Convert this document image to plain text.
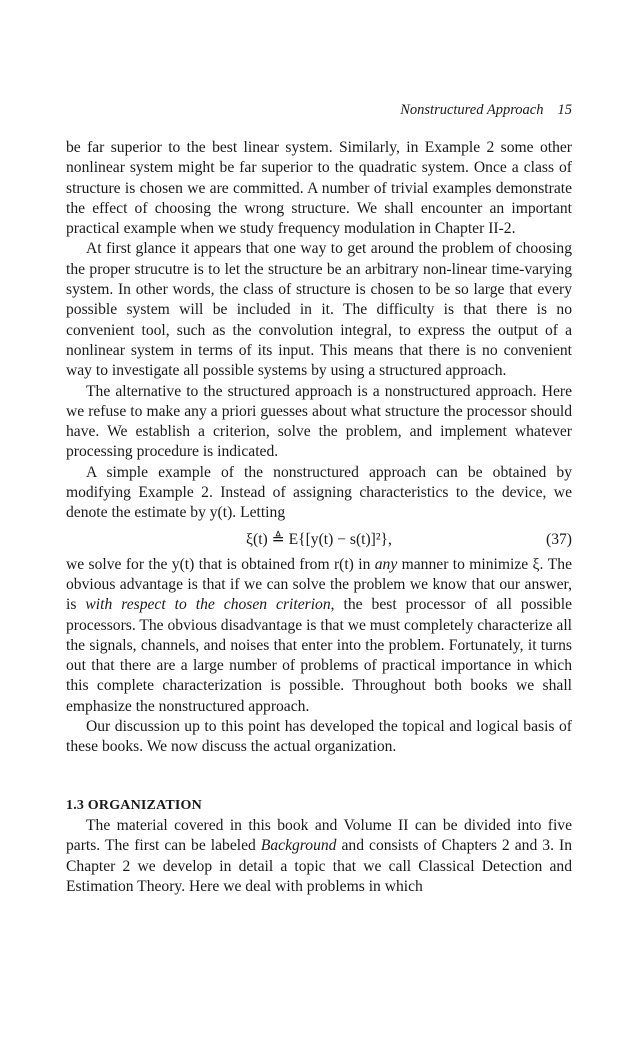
Nonstructured Approach 15

be far superior to the best linear system. Similarly, in Example 2 some other nonlinear system might be far superior to the quadratic system. Once a class of structure is chosen we are committed. A number of trivial examples demonstrate the effect of choosing the wrong structure. We shall encounter an important practical example when we study frequency modulation in Chapter II-2.

At first glance it appears that one way to get around the problem of choosing the proper strucutre is to let the structure be an arbitrary non-linear time-varying system. In other words, the class of structure is chosen to be so large that every possible system will be included in it. The difficulty is that there is no convenient tool, such as the convolution integral, to express the output of a nonlinear system in terms of its input. This means that there is no convenient way to investigate all possible systems by using a structured approach.

The alternative to the structured approach is a nonstructured approach. Here we refuse to make any a priori guesses about what structure the processor should have. We establish a criterion, solve the problem, and implement whatever processing procedure is indicated.

A simple example of the nonstructured approach can be obtained by modifying Example 2. Instead of assigning characteristics to the device, we denote the estimate by y(t). Letting

ξ(t) ≜ E{[y(t) − s(t)]²},	(37)

we solve for the y(t) that is obtained from r(t) in any manner to minimize ξ. The obvious advantage is that if we can solve the problem we know that our answer, is with respect to the chosen criterion, the best processor of all possible processors. The obvious disadvantage is that we must completely characterize all the signals, channels, and noises that enter into the problem. Fortunately, it turns out that there are a large number of problems of practical importance in which this complete characterization is possible. Throughout both books we shall emphasize the nonstructured approach.

Our discussion up to this point has developed the topical and logical basis of these books. We now discuss the actual organization.

1.3 ORGANIZATION

The material covered in this book and Volume II can be divided into five parts. The first can be labeled Background and consists of Chapters 2 and 3. In Chapter 2 we develop in detail a topic that we call Classical Detection and Estimation Theory. Here we deal with problems in which
